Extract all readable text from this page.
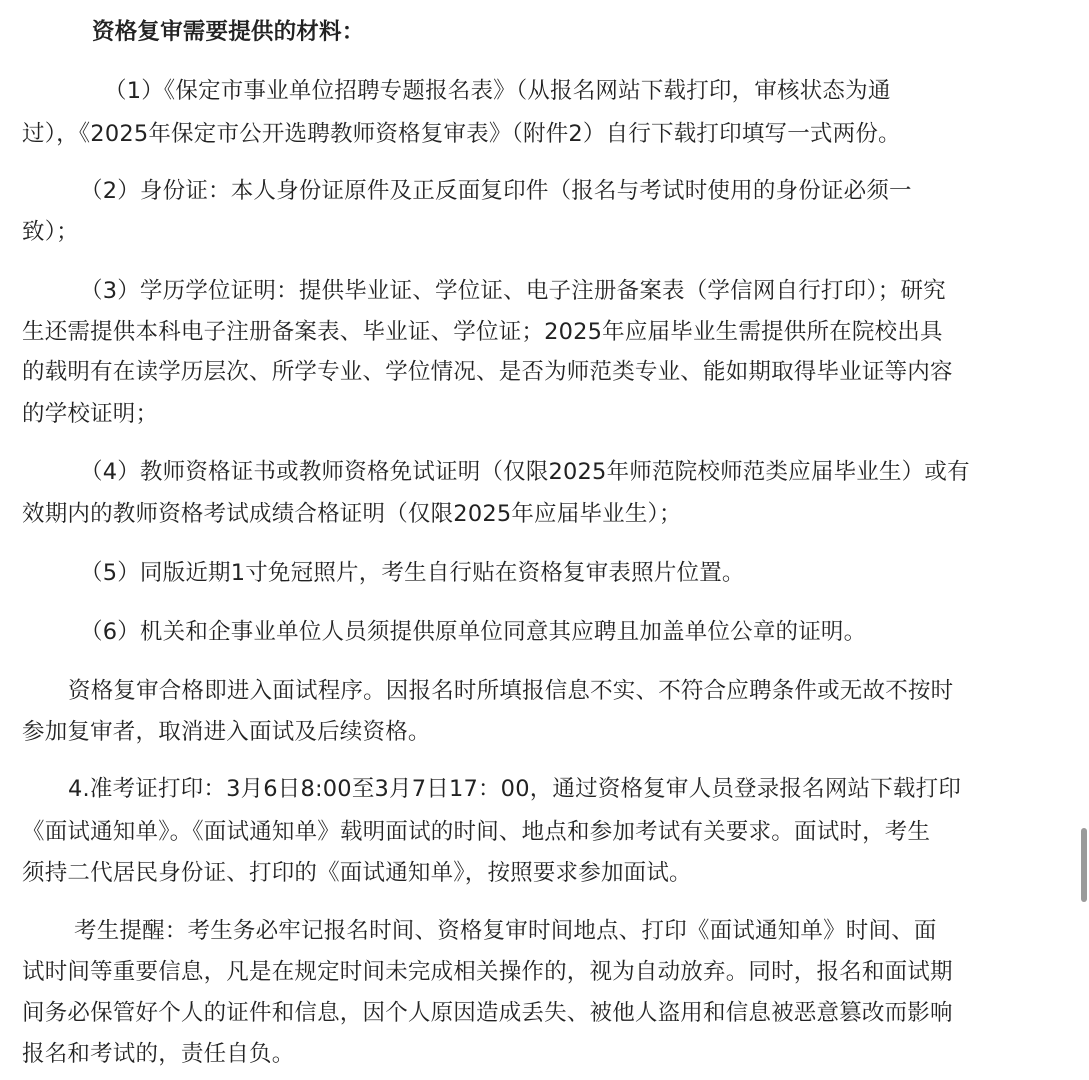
资格复审需要提供的材料：
（1）《保定市事业单位招聘专题报名表》（从报名网站下载打印，审核状态为通
过），《2025年保定市公开选聘教师资格复审表》（附件2）自行下载打印填写一式两份。
（2）身份证：本人身份证原件及正反面复印件（报名与考试时使用的身份证必须一
致）；
（3）学历学位证明：提供毕业证、学位证、电子注册备案表（学信网自行打印）；研究
生还需提供本科电子注册备案表、毕业证、学位证；2025年应届毕业生需提供所在院校出具
的载明有在读学历层次、所学专业、学位情况、是否为师范类专业、能如期取得毕业证等内容
的学校证明；
（4）教师资格证书或教师资格免试证明（仅限2025年师范院校师范类应届毕业生）或有
效期内的教师资格考试成绩合格证明（仅限2025年应届毕业生）；
（5）同版近期1寸免冠照片，考生自行贴在资格复审表照片位置。
（6）机关和企事业单位人员须提供原单位同意其应聘且加盖单位公章的证明。
资格复审合格即进入面试程序。因报名时所填报信息不实、不符合应聘条件或无故不按时
参加复审者，取消进入面试及后续资格。
4.准考证打印：3月6日8:00至3月7日17：00，通过资格复审人员登录报名网站下载打印
《面试通知单》。《面试通知单》载明面试的时间、地点和参加考试有关要求。面试时，考生
须持二代居民身份证、打印的《面试通知单》，按照要求参加面试。
考生提醒：考生务必牢记报名时间、资格复审时间地点、打印《面试通知单》时间、面
试时间等重要信息，凡是在规定时间未完成相关操作的，视为自动放弃。同时，报名和面试期
间务必保管好个人的证件和信息，因个人原因造成丢失、被他人盗用和信息被恶意篡改而影响
报名和考试的，责任自负。
